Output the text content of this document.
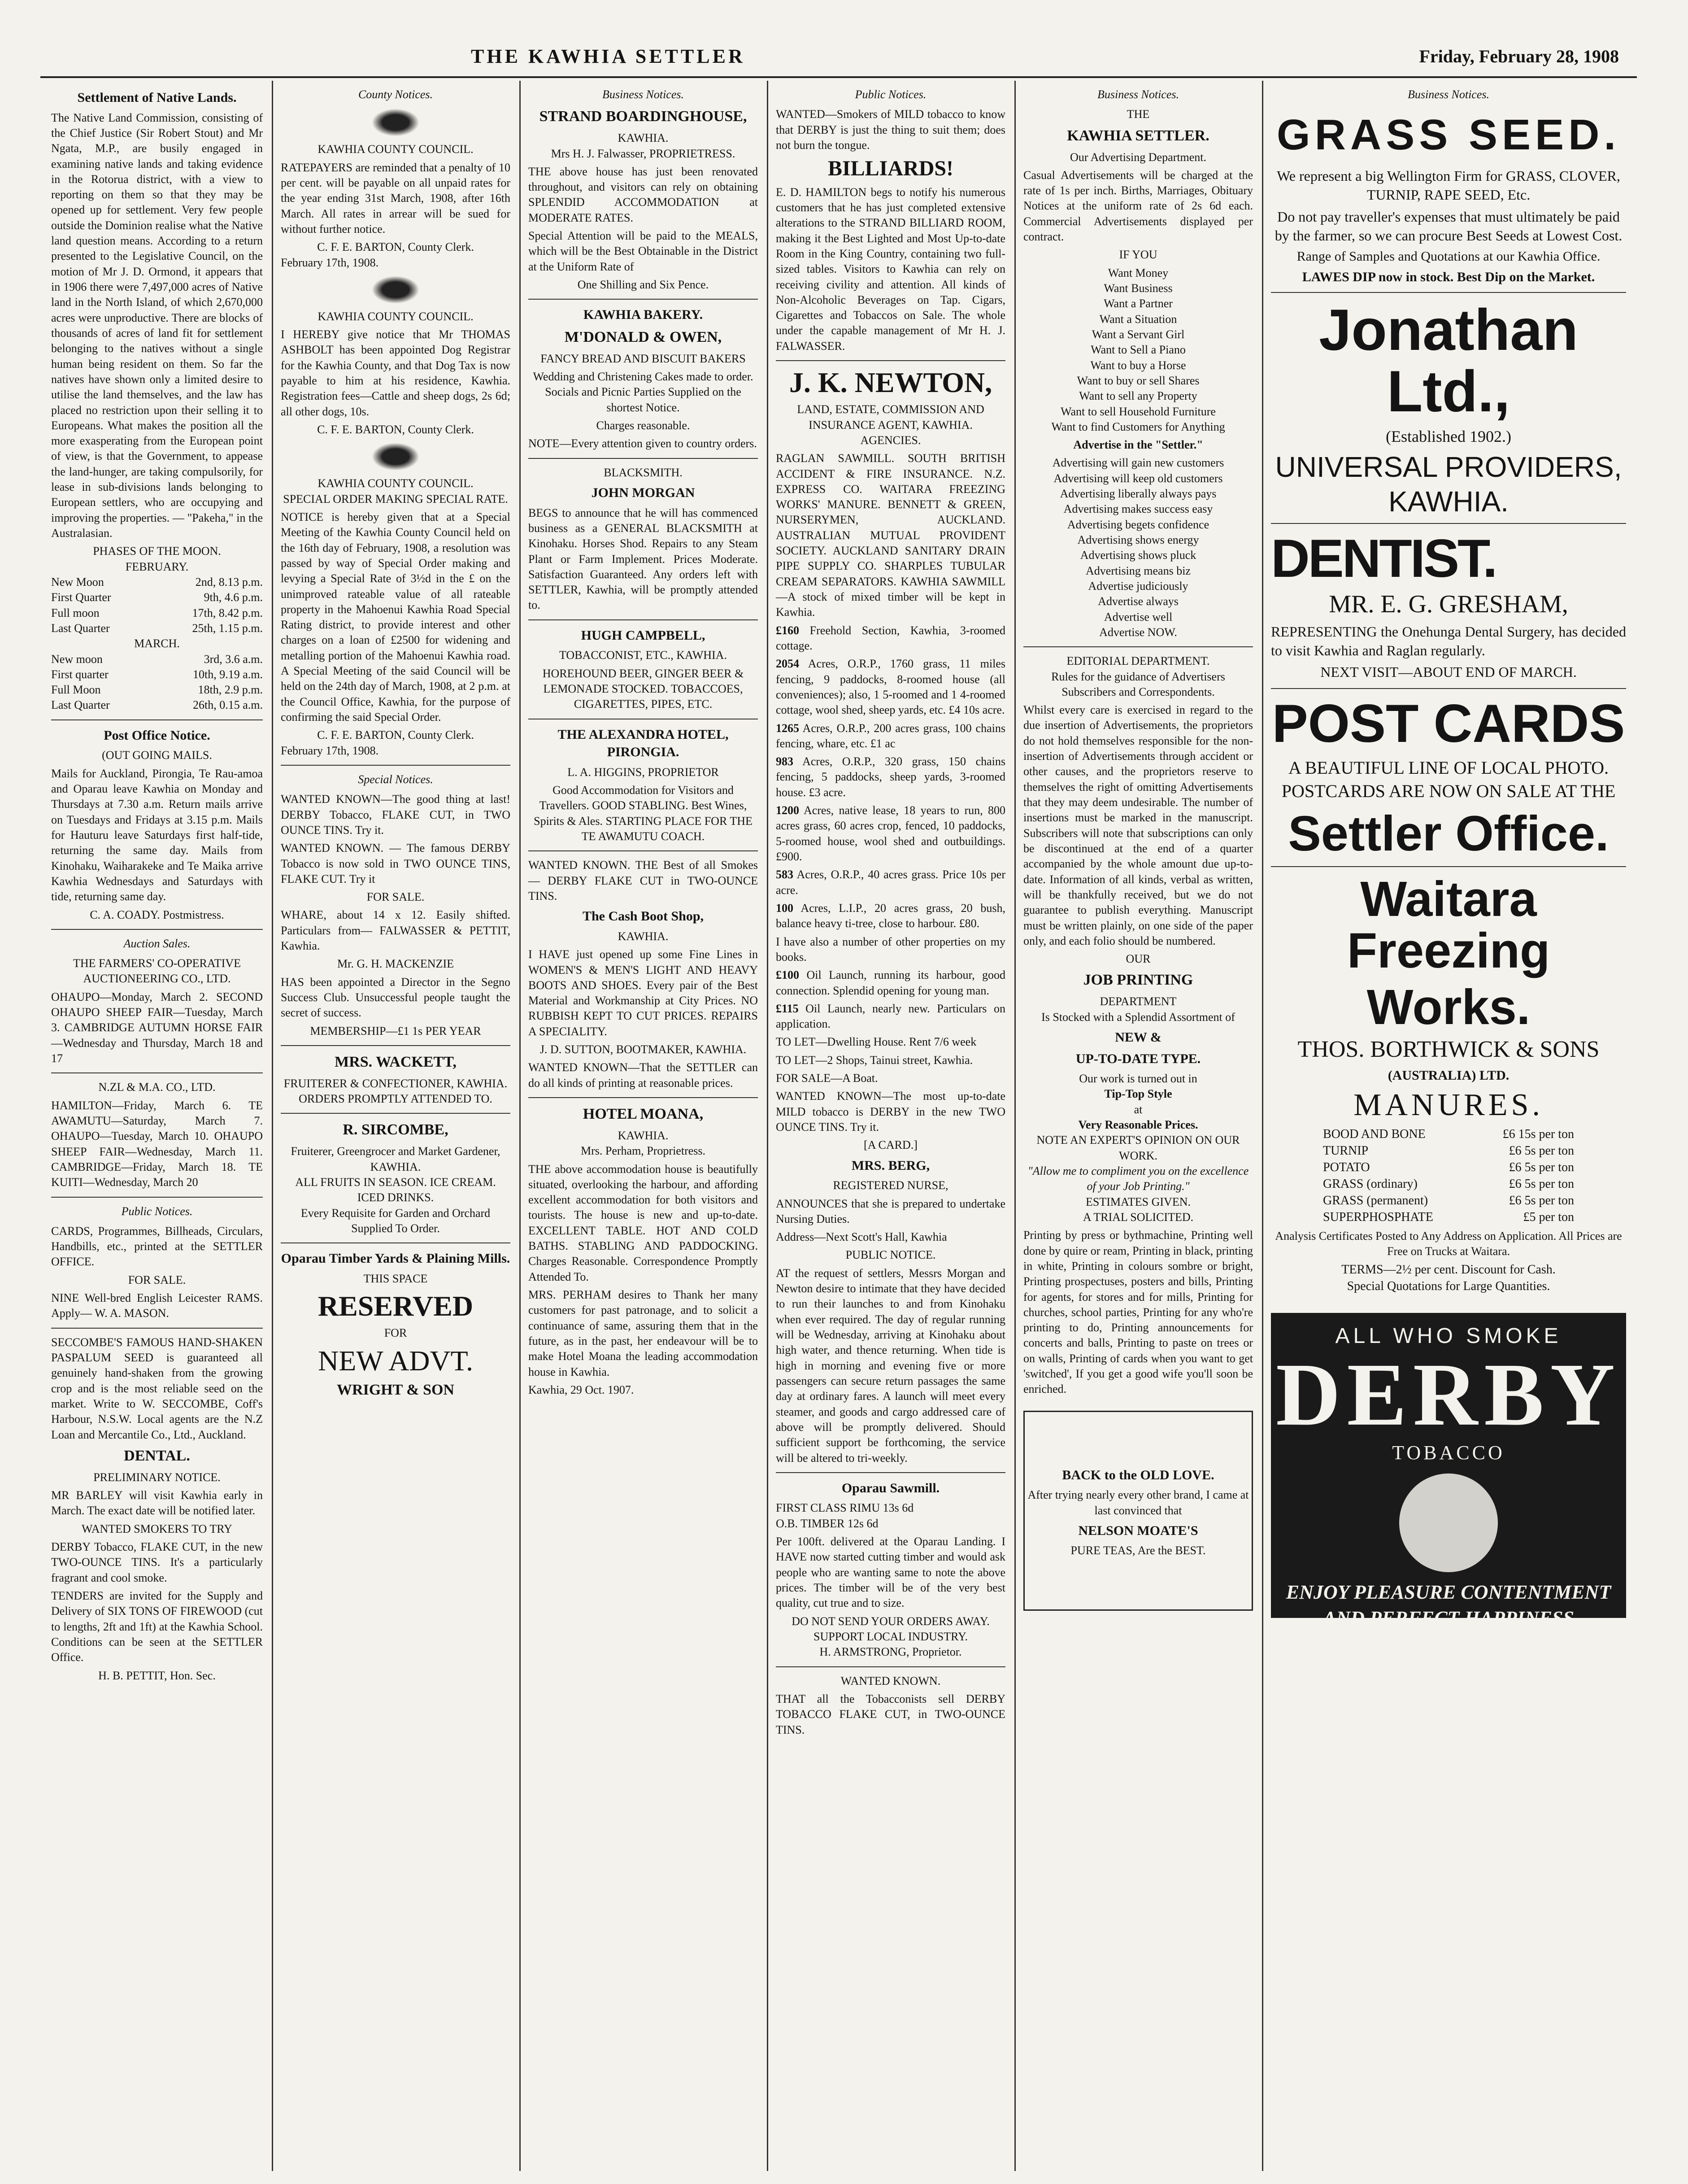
THE KAWHIA SETTLER	Friday, February 28, 1908
Settlement of Native Lands.

The Native Land Commission, consisting of the Chief Justice (Sir Robert Stout) and Mr Ngata, M.P., are busily engaged in examining native lands and taking evidence in the Rotorua district, with a view to reporting on them so that they may be opened up for settlement. Very few people outside the Dominion realise what the Native land question means. According to a return presented to the Legislative Council, on the motion of Mr J. D. Ormond, it appears that in 1906 there were 7,497,000 acres of Native land in the North Island, of which 2,670,000 acres were unproductive. There are blocks of thousands of acres of land fit for settlement belonging to the natives without a single human being resident on them. So far the natives have shown only a limited desire to utilise the land themselves, and the law has placed no restriction upon their selling it to Europeans. What makes the position all the more exasperating from the European point of view, is that the Government, to appease the land-hunger, are taking compulsorily, for lease in sub-divisions lands belonging to European settlers, who are occupying and improving the properties. — "Pakeha," in the Australasian.

PHASES OF THE MOON.
FEBRUARY.
New Moon	2nd, 8.13 p.m.
First Quarter	9th, 4.6 p.m.
Full moon	17th, 8.42 p.m.
Last Quarter	25th, 1.15 p.m.
MARCH.
New moon	3rd, 3.6 a.m.
First quarter	10th, 9.19 a.m.
Full Moon	18th, 2.9 p.m.
Last Quarter	26th, 0.15 a.m.
Post Office Notice.
(OUT GOING MAILS.

Mails for Auckland, Pirongia, Te Rau-amoa and Oparau leave Kawhia on Monday and Thursdays at 7.30 a.m. Return mails arrive on Tuesdays and Fridays at 3.15 p.m. Mails for Hauturu leave Saturdays first half-tide, returning the same day. Mails from Kinohaku, Waiharakeke and Te Maika arrive Kawhia Wednesdays and Saturdays with tide, returning same day.

C. A. COADY. Postmistress.
Auction Sales.
THE FARMERS' CO-OPERATIVE AUCTIONEERING CO., LTD.

OHAUPO—Monday, March 2. SECOND OHAUPO SHEEP FAIR—Tuesday, March 3. CAMBRIDGE AUTUMN HORSE FAIR—Wednesday and Thursday, March 18 and 17

N.ZL & M.A. CO., LTD.

HAMILTON—Friday, March 6. TE AWAMUTU—Saturday, March 7. OHAUPO—Tuesday, March 10. OHAUPO SHEEP FAIR—Wednesday, March 11. CAMBRIDGE—Friday, March 18. TE KUITI—Wednesday, March 20

Public Notices.

CARDS, Programmes, Billheads, Circulars, Handbills, etc., printed at the SETTLER OFFICE.

FOR SALE.

NINE Well-bred English Leicester RAMS. Apply— W. A. MASON.

SECCOMBE'S FAMOUS HAND-SHAKEN PASPALUM SEED is guaranteed all genuinely hand-shaken from the growing crop and is the most reliable seed on the market. Write to W. SECCOMBE, Coff's Harbour, N.S.W. Local agents are the N.Z Loan and Mercantile Co., Ltd., Auckland.

DENTAL.
PRELIMINARY NOTICE.

MR BARLEY will visit Kawhia early in March. The exact date will be notified later.

WANTED SMOKERS TO TRY

DERBY Tobacco, FLAKE CUT, in the new TWO-OUNCE TINS. It's a particularly fragrant and cool smoke.

TENDERS are invited for the Supply and Delivery of SIX TONS OF FIREWOOD (cut to lengths, 2ft and 1ft) at the Kawhia School. Conditions can be seen at the SETTLER Office.

H. B. PETTIT, Hon. Sec.
County Notices.
KAWHIA COUNTY COUNCIL.

RATEPAYERS are reminded that a penalty of 10 per cent. will be payable on all unpaid rates for the year ending 31st March, 1908, after 16th March. All rates in arrear will be sued for without further notice.

C. F. E. BARTON, County Clerk.
February 17th, 1908.
KAWHIA COUNTY COUNCIL.

I HEREBY give notice that Mr THOMAS ASHBOLT has been appointed Dog Registrar for the Kawhia County, and that Dog Tax is now payable to him at his residence, Kawhia. Registration fees—Cattle and sheep dogs, 2s 6d; all other dogs, 10s.

C. F. E. BARTON, County Clerk.
KAWHIA COUNTY COUNCIL.
SPECIAL ORDER MAKING SPECIAL RATE.

NOTICE is hereby given that at a Special Meeting of the Kawhia County Council held on the 16th day of February, 1908, a resolution was passed by way of Special Order making and levying a Special Rate of 3½d in the £ on the unimproved rateable value of all rateable property in the Mahoenui Kawhia Road Special Rating district, to provide interest and other charges on a loan of £2500 for widening and metalling portion of the Mahoenui Kawhia road. A Special Meeting of the said Council will be held on the 24th day of March, 1908, at 2 p.m. at the Council Office, Kawhia, for the purpose of confirming the said Special Order.

C. F. E. BARTON, County Clerk.
February 17th, 1908.
Special Notices.

WANTED KNOWN—The good thing at last! DERBY Tobacco, FLAKE CUT, in TWO OUNCE TINS. Try it.

WANTED KNOWN. — The famous DERBY Tobacco is now sold in TWO OUNCE TINS, FLAKE CUT. Try it

FOR SALE.

WHARE, about 14 x 12. Easily shifted. Particulars from— FALWASSER & PETTIT, Kawhia.

Mr. G. H. MACKENZIE

HAS been appointed a Director in the Segno Success Club. Unsuccessful people taught the secret of success.

MEMBERSHIP—£1 1s PER YEAR
MRS. WACKETT,
FRUITERER & CONFECTIONER, KAWHIA.
ORDERS PROMPTLY ATTENDED TO.
R. SIRCOMBE,
Fruiterer, Greengrocer and Market Gardener, KAWHIA.
ALL FRUITS IN SEASON. ICE CREAM. ICED DRINKS.
Every Requisite for Garden and Orchard Supplied To Order.
Oparau Timber Yards & Plaining Mills.
THIS SPACE
RESERVED
FOR
NEW ADVT.
WRIGHT & SON
Business Notices.
STRAND BOARDINGHOUSE,
KAWHIA.
Mrs H. J. Falwasser, PROPRIETRESS.

THE above house has just been renovated throughout, and visitors can rely on obtaining SPLENDID ACCOMMODATION at MODERATE RATES.

Special Attention will be paid to the MEALS, which will be the Best Obtainable in the District at the Uniform Rate of

One Shilling and Six Pence.
KAWHIA BAKERY.
M'DONALD & OWEN,
FANCY BREAD AND BISCUIT BAKERS

Wedding and Christening Cakes made to order. Socials and Picnic Parties Supplied on the shortest Notice.

Charges reasonable.

NOTE—Every attention given to country orders.

BLACKSMITH.
JOHN MORGAN

BEGS to announce that he will has commenced business as a GENERAL BLACKSMITH at Kinohaku. Horses Shod. Repairs to any Steam Plant or Farm Implement. Prices Moderate. Satisfaction Guaranteed. Any orders left with SETTLER, Kawhia, will be promptly attended to.

HUGH CAMPBELL,
TOBACCONIST, ETC., KAWHIA.

HOREHOUND BEER, GINGER BEER & LEMONADE STOCKED. TOBACCOES, CIGARETTES, PIPES, ETC.

THE ALEXANDRA HOTEL, PIRONGIA.
L. A. HIGGINS, PROPRIETOR

Good Accommodation for Visitors and Travellers. GOOD STABLING. Best Wines, Spirits & Ales. STARTING PLACE FOR THE TE AWAMUTU COACH.

WANTED KNOWN. THE Best of all Smokes — DERBY FLAKE CUT in TWO-OUNCE TINS.

The Cash Boot Shop,
KAWHIA.

I HAVE just opened up some Fine Lines in WOMEN'S & MEN'S LIGHT AND HEAVY BOOTS AND SHOES. Every pair of the Best Material and Workmanship at City Prices. NO RUBBISH KEPT TO CUT PRICES. REPAIRS A SPECIALITY.

J. D. SUTTON, BOOTMAKER, KAWHIA.

WANTED KNOWN—That the SETTLER can do all kinds of printing at reasonable prices.

HOTEL MOANA,
KAWHIA.
Mrs. Perham, Proprietress.

THE above accommodation house is beautifully situated, overlooking the harbour, and affording excellent accommodation for both visitors and tourists. The house is new and up-to-date. EXCELLENT TABLE. HOT AND COLD BATHS. STABLING AND PADDOCKING. Charges Reasonable. Correspondence Promptly Attended To.

MRS. PERHAM desires to Thank her many customers for past patronage, and to solicit a continuance of same, assuring them that in the future, as in the past, her endeavour will be to make Hotel Moana the leading accommodation house in Kawhia.

Kawhia, 29 Oct. 1907.
Public Notices.

WANTED—Smokers of MILD tobacco to know that DERBY is just the thing to suit them; does not burn the tongue.

BILLIARDS!

E. D. HAMILTON begs to notify his numerous customers that he has just completed extensive alterations to the STRAND BILLIARD ROOM, making it the Best Lighted and Most Up-to-date Room in the King Country, containing two full-sized tables. Visitors to Kawhia can rely on receiving civility and attention. All kinds of Non-Alcoholic Beverages on Tap. Cigars, Cigarettes and Tobaccos on Sale. The whole under the capable management of Mr H. J. FALWASSER.

J. K. NEWTON,
LAND, ESTATE, COMMISSION AND INSURANCE AGENT, KAWHIA.
AGENCIES.

RAGLAN SAWMILL. SOUTH BRITISH ACCIDENT & FIRE INSURANCE. N.Z. EXPRESS CO. WAITARA FREEZING WORKS' MANURE. BENNETT & GREEN, NURSERYMEN, AUCKLAND. AUSTRALIAN MUTUAL PROVIDENT SOCIETY. AUCKLAND SANITARY DRAIN PIPE SUPPLY CO. SHARPLES TUBULAR CREAM SEPARATORS. KAWHIA SAWMILL—A stock of mixed timber will be kept in Kawhia.

£160 Freehold Section, Kawhia, 3-roomed cottage.

2054 Acres, O.R.P., 1760 grass, 11 miles fencing, 9 paddocks, 8-roomed house (all conveniences); also, 1 5-roomed and 1 4-roomed cottage, wool shed, sheep yards, etc. £4 10s acre.

1265 Acres, O.R.P., 200 acres grass, 100 chains fencing, whare, etc. £1 ac

983 Acres, O.R.P., 320 grass, 150 chains fencing, 5 paddocks, sheep yards, 3-roomed house. £3 acre.

1200 Acres, native lease, 18 years to run, 800 acres grass, 60 acres crop, fenced, 10 paddocks, 5-roomed house, wool shed and outbuildings. £900.

583 Acres, O.R.P., 40 acres grass. Price 10s per acre.

100 Acres, L.I.P., 20 acres grass, 20 bush, balance heavy ti-tree, close to harbour. £80.

I have also a number of other properties on my books.

£100 Oil Launch, running its harbour, good connection. Splendid opening for young man.

£115 Oil Launch, nearly new. Particulars on application.

TO LET—Dwelling House. Rent 7/6 week

TO LET—2 Shops, Tainui street, Kawhia.

FOR SALE—A Boat.

WANTED KNOWN—The most up-to-date MILD tobacco is DERBY in the new TWO OUNCE TINS. Try it.

[A CARD.]
MRS. BERG,
REGISTERED NURSE,

ANNOUNCES that she is prepared to undertake Nursing Duties.

Address—Next Scott's Hall, Kawhia

PUBLIC NOTICE.

AT the request of settlers, Messrs Morgan and Newton desire to intimate that they have decided to run their launches to and from Kinohaku when ever required. The day of regular running will be Wednesday, arriving at Kinohaku about high water, and thence returning. When tide is high in morning and evening five or more passengers can secure return passages the same day at ordinary fares. A launch will meet every steamer, and goods and cargo addressed care of above will be promptly delivered. Should sufficient support be forthcoming, the service will be altered to tri-weekly.

Oparau Sawmill.
FIRST CLASS RIMU 13s 6d
O.B. TIMBER 12s 6d

Per 100ft. delivered at the Oparau Landing. I HAVE now started cutting timber and would ask people who are wanting same to note the above prices. The timber will be of the very best quality, cut true and to size.

DO NOT SEND YOUR ORDERS AWAY.
SUPPORT LOCAL INDUSTRY.
H. ARMSTRONG, Proprietor.
WANTED KNOWN.

THAT all the Tobacconists sell DERBY TOBACCO FLAKE CUT, in TWO-OUNCE TINS.

Business Notices.
THE
KAWHIA SETTLER.
Our Advertising Department.

Casual Advertisements will be charged at the rate of 1s per inch. Births, Marriages, Obituary Notices at the uniform rate of 2s 6d each. Commercial Advertisements displayed per contract.

IF YOU
Want Money
Want Business
Want a Partner
Want a Situation
Want a Servant Girl
Want to Sell a Piano
Want to buy a Horse
Want to buy or sell Shares
Want to sell any Property
Want to sell Household Furniture
Want to find Customers for Anything
Advertise in the "Settler."
Advertising will gain new customers
Advertising will keep old customers
Advertising liberally always pays
Advertising makes success easy
Advertising begets confidence
Advertising shows energy
Advertising shows pluck
Advertising means biz
Advertise judiciously
Advertise always
Advertise well
Advertise NOW.
EDITORIAL DEPARTMENT.
Rules for the guidance of Advertisers Subscribers and Correspondents.

Whilst every care is exercised in regard to the due insertion of Advertisements, the proprietors do not hold themselves responsible for the non-insertion of Advertisements through accident or other causes, and the proprietors reserve to themselves the right of omitting Advertisements that they may deem undesirable. The number of insertions must be marked in the manuscript. Subscribers will note that subscriptions can only be discontinued at the end of a quarter accompanied by the whole amount due up-to-date. Information of all kinds, verbal as written, will be thankfully received, but we do not guarantee to publish everything. Manuscript must be written plainly, on one side of the paper only, and each folio should be numbered.

OUR
JOB PRINTING
DEPARTMENT
Is Stocked with a Splendid Assortment of
NEW &
UP-TO-DATE TYPE.
Our work is turned out in
Tip-Top Style
at
Very Reasonable Prices.
NOTE AN EXPERT'S OPINION ON OUR WORK.
"Allow me to compliment you on the excellence of your Job Printing."
ESTIMATES GIVEN.
A TRIAL SOLICITED.

Printing by press or bythmachine, Printing well done by quire or ream, Printing in black, printing in white, Printing in colours sombre or bright, Printing prospectuses, posters and bills, Printing for agents, for stores and for mills, Printing for churches, school parties, Printing for any who're printing to do, Printing announcements for concerts and balls, Printing to paste on trees or on walls, Printing of cards when you want to get 'switched', If you get a good wife you'll soon be enriched.

BACK to the OLD LOVE.
After trying nearly every other brand, I came at last convinced that
NELSON MOATE'S
PURE TEAS, Are the BEST.
Business Notices.
GRASS SEED.

We represent a big Wellington Firm for GRASS, CLOVER, TURNIP, RAPE SEED, Etc.

Do not pay traveller's expenses that must ultimately be paid by the farmer, so we can procure Best Seeds at Lowest Cost.

Range of Samples and Quotations at our Kawhia Office.

LAWES DIP now in stock. Best Dip on the Market.

Jonathan Ltd.,
(Established 1902.)
UNIVERSAL PROVIDERS,
KAWHIA.
DENTIST.
MR. E. G. GRESHAM,

REPRESENTING the Onehunga Dental Surgery, has decided to visit Kawhia and Raglan regularly.

NEXT VISIT—ABOUT END OF MARCH.

POST CARDS

A BEAUTIFUL LINE OF LOCAL PHOTO. POSTCARDS ARE NOW ON SALE AT THE

Settler Office.
Waitara Freezing
Works.
THOS. BORTHWICK & SONS
(AUSTRALIA) LTD.
MANURES.
BOOD AND BONE	£6 15s per ton
TURNIP	£6 5s per ton
POTATO	£6 5s per ton
GRASS (ordinary)	£6 5s per ton
GRASS (permanent)	£6 5s per ton
SUPERPHOSPHATE	£5 per ton

Analysis Certificates Posted to Any Address on Application. All Prices are Free on Trucks at Waitara.

TERMS—2½ per cent. Discount for Cash.
Special Quotations for Large Quantities.
ALL WHO SMOKE
DERBY
TOBACCO
ENJOY PLEASURE CONTENTMENT AND PERFECT HAPPINESS
